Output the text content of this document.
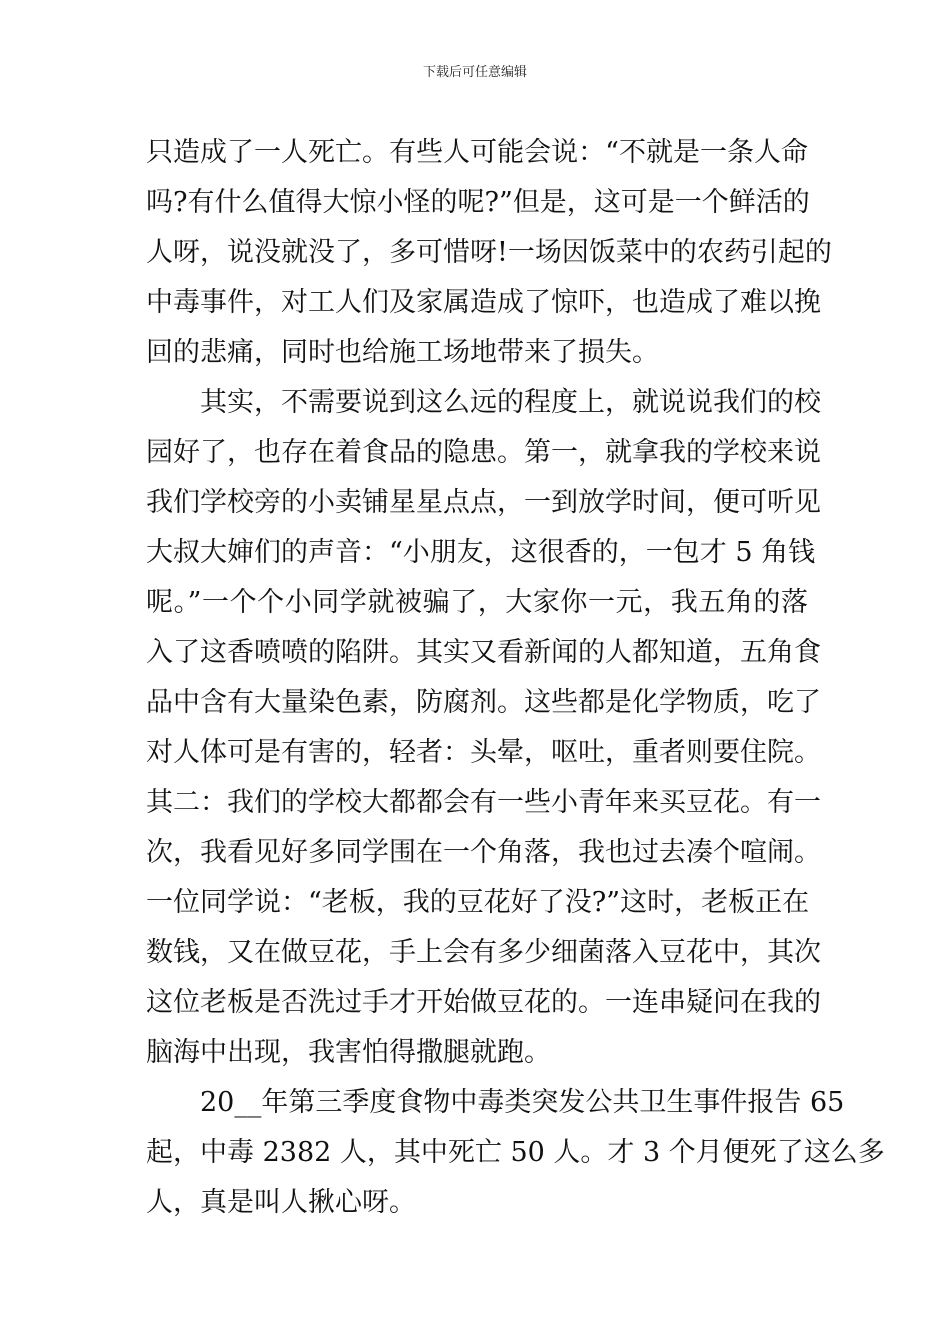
下载后可任意编辑
只造成了一人死亡。有些人可能会说：“不就是一条人命
吗?有什么值得大惊小怪的呢?”但是，这可是一个鲜活的
人呀，说没就没了，多可惜呀!一场因饭菜中的农药引起的
中毒事件，对工人们及家属造成了惊吓，也造成了难以挽
回的悲痛，同时也给施工场地带来了损失。
　　其实，不需要说到这么远的程度上，就说说我们的校
园好了，也存在着食品的隐患。第一，就拿我的学校来说
我们学校旁的小卖铺星星点点，一到放学时间，便可听见
大叔大婶们的声音：“小朋友，这很香的，一包才 5 角钱
呢。”一个个小同学就被骗了，大家你一元，我五角的落
入了这香喷喷的陷阱。其实又看新闻的人都知道，五角食
品中含有大量染色素，防腐剂。这些都是化学物质，吃了
对人体可是有害的，轻者：头晕，呕吐，重者则要住院。
其二：我们的学校大都都会有一些小青年来买豆花。有一
次，我看见好多同学围在一个角落，我也过去凑个喧闹。
一位同学说：“老板，我的豆花好了没?”这时，老板正在
数钱，又在做豆花，手上会有多少细菌落入豆花中，其次
这位老板是否洗过手才开始做豆花的。一连串疑问在我的
脑海中出现，我害怕得撒腿就跑。
　　20__年第三季度食物中毒类突发公共卫生事件报告 65
起，中毒 2382 人，其中死亡 50 人。才 3 个月便死了这么多
人，真是叫人揪心呀。
